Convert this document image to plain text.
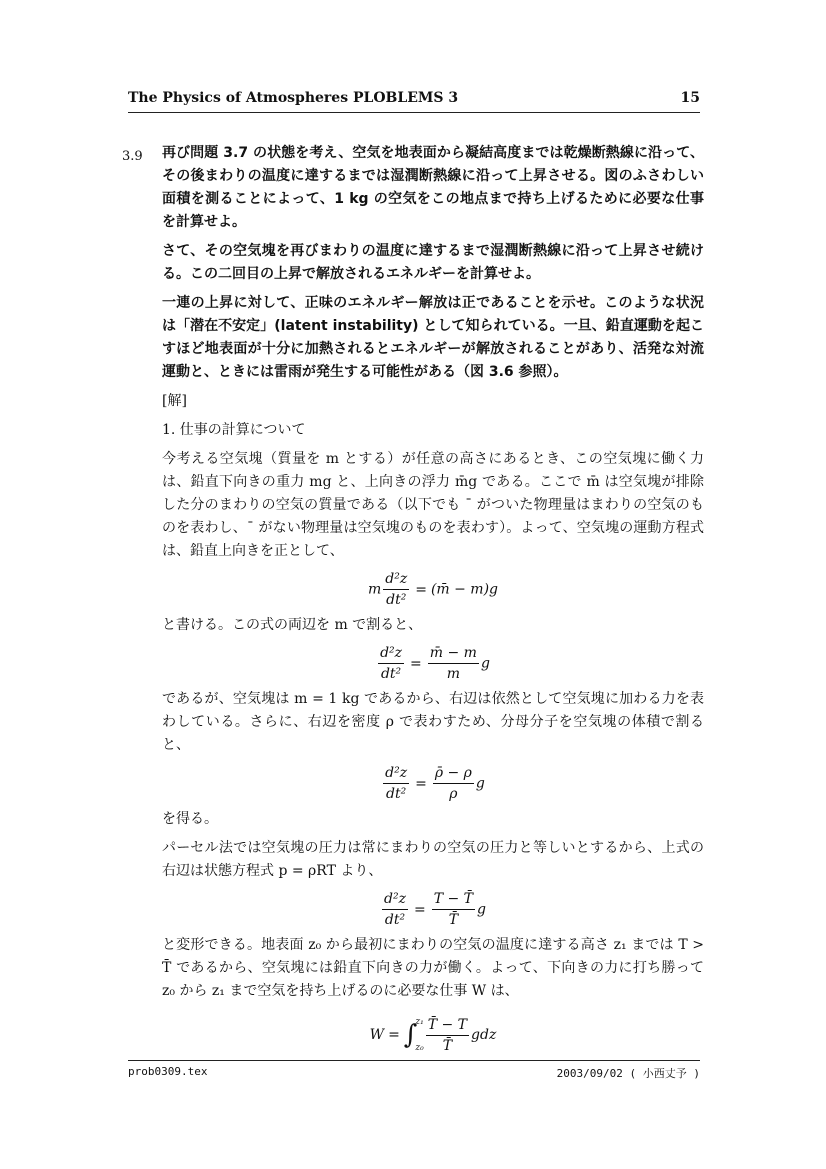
The Physics of Atmospheres PLOBLEMS 3	15
3.9 再び問題 3.7 の状態を考え、空気を地表面から凝結高度までは乾燥断熱線に沿って、その後まわりの温度に達するまでは湿潤断熱線に沿って上昇させる。図のふさわしい面積を測ることによって、1 kg の空気をこの地点まで持ち上げるために必要な仕事を計算せよ。

さて、その空気塊を再びまわりの温度に達するまで湿潤断熱線に沿って上昇させ続ける。この二回目の上昇で解放されるエネルギーを計算せよ。

一連の上昇に対して、正味のエネルギー解放は正であることを示せ。このような状況は「潜在不安定」(latent instability) として知られている。一旦、鉛直運動を起こすほど地表面が十分に加熱されるとエネルギーが解放されることがあり、活発な対流運動と、ときには雷雨が発生する可能性がある（図 3.6 参照）。

[解]

1. 仕事の計算について

今考える空気塊（質量を m とする）が任意の高さにあるとき、この空気塊に働く力は、鉛直下向きの重力 mg と、上向きの浮力 m̄g である。ここで m̄ は空気塊が排除した分のまわりの空気の質量である（以下でも ¯ がついた物理量はまわりの空気のものを表わし、¯ がない物理量は空気塊のものを表わす）。よって、空気塊の運動方程式は、鉛直上向きを正として、

m $\frac{\text{d²z}}{\text{dt²}}$ = (m̄ − m)g

と書ける。この式の両辺を m で割ると、

$\frac{\text{d²z}}{\text{dt²}} = \frac{m̄ - m}{m}$ g

であるが、空気塊は m = 1 kg であるから、右辺は依然として空気塊に加わる力を表わしている。さらに、右辺を密度 ρ で表わすため、分母分子を空気塊の体積で割ると、

$\frac{\text{d²z}}{\text{dt²}} = \frac{\rhō - \rho}{\rho}$ g

を得る。

パーセル法では空気塊の圧力は常にまわりの空気の圧力と等しいとするから、上式の右辺は状態方程式 p = ρRT より、

$\frac{\text{d²z}}{\text{dt²}} = \frac{T - T̄}{T̄}$ g

と変形できる。地表面 z₀ から最初にまわりの空気の温度に達する高さ z₁ までは T > T̄ であるから、空気塊には鉛直下向きの力が働く。よって、下向きの力に打ち勝って z₀ から z₁ まで空気を持ち上げるのに必要な仕事 W は、

W = ∫
z₁
$z_0 \frac{T̄ - T}{T̄}$ gdz
prob0309.tex	2003/09/02 ( 小西丈予 )
